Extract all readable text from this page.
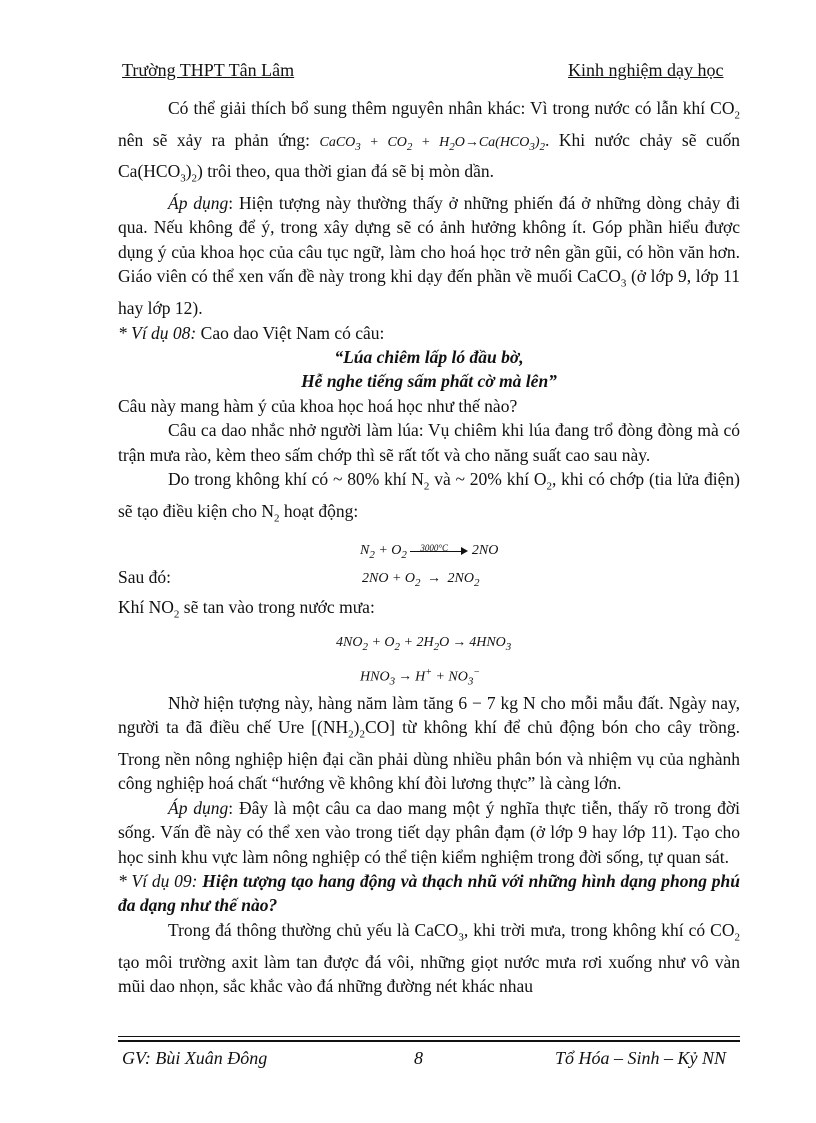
Trường THPT Tân Lâm	Kinh nghiệm dạy học

Có thể giải thích bổ sung thêm nguyên nhân khác: Vì trong nước có lẫn khí $CO_2$ nên sẽ xảy ra phản ứng: CaCO$_3$ + $CO_2 + H_2O\to Ca(HCO_3)_2$. Khi nước chảy sẽ cuốn $Ca(HCO_3)_2$) trôi theo, qua thời gian đá sẽ bị mòn dần.

Áp dụng: Hiện tượng này thường thấy ở những phiến đá ở những dòng chảy đi qua. Nếu không để ý, trong xây dựng sẽ có ảnh hưởng không ít. Góp phần hiểu được dụng ý của khoa học của câu tục ngữ, làm cho hoá học trở nên gần gũi, có hồn văn hơn. Giáo viên có thể xen vấn đề này trong khi dạy đến phần về muối CaCO$_3$ (ở lớp 9, lớp 11 hay lớp 12).

* Ví dụ 08: Cao dao Việt Nam có câu:

“Lúa chiêm lấp ló đầu bờ,

Hễ nghe tiếng sấm phất cờ mà lên”

Câu này mang hàm ý của khoa học hoá học như thế nào?

Câu ca dao nhắc nhở người làm lúa: Vụ chiêm khi lúa đang trổ đòng đòng mà có trận mưa rào, kèm theo sấm chớp thì sẽ rất tốt và cho năng suất cao sau này.

Do trong không khí có ~ 80% khí $N_2$ và ~ 20% khí $O_2$, khi có chớp (tia lửa điện) sẽ tạo điều kiện cho $N_2$ hoạt động:

$N_2 + O_2$
3000°C 2NO
Sau đó:	$2NO + O_2 \to 2NO_2$

Khí $NO_2$ sẽ tan vào trong nước mưa:

$4NO_2 + O_2 + 2H_2O \to 4HNO_3$
$HNO_3 \to H^+ + NO_3^-$

Nhờ hiện tượng này, hàng năm làm tăng 6 − 7 kg N cho mỗi mẫu đất. Ngày nay, người ta đã điều chế Ure $[(NH_2)_2CO]$ từ không khí để chủ động bón cho cây trồng. Trong nền nông nghiệp hiện đại cần phải dùng nhiều phân bón và nhiệm vụ của nghành công nghiệp hoá chất “hướng về không khí đòi lương thực” là càng lớn.

Áp dụng: Đây là một câu ca dao mang một ý nghĩa thực tiễn, thấy rõ trong đời sống. Vấn đề này có thể xen vào trong tiết dạy phân đạm (ở lớp 9 hay lớp 11). Tạo cho học sinh khu vực làm nông nghiệp có thể tiện kiểm nghiệm trong đời sống, tự quan sát.

* Ví dụ 09: Hiện tượng tạo hang động và thạch nhũ với những hình dạng phong phú đa dạng như thế nào?

Trong đá thông thường chủ yếu là CaCO$_3$, khi trời mưa, trong không khí có $CO_2$ tạo môi trường axit làm tan được đá vôi, những giọt nước mưa rơi xuống như vô vàn mũi dao nhọn, sắc khắc vào đá những đường nét khác nhau

GV: Bùi Xuân Đông	8	Tổ Hóa – Sinh – Kỷ NN
